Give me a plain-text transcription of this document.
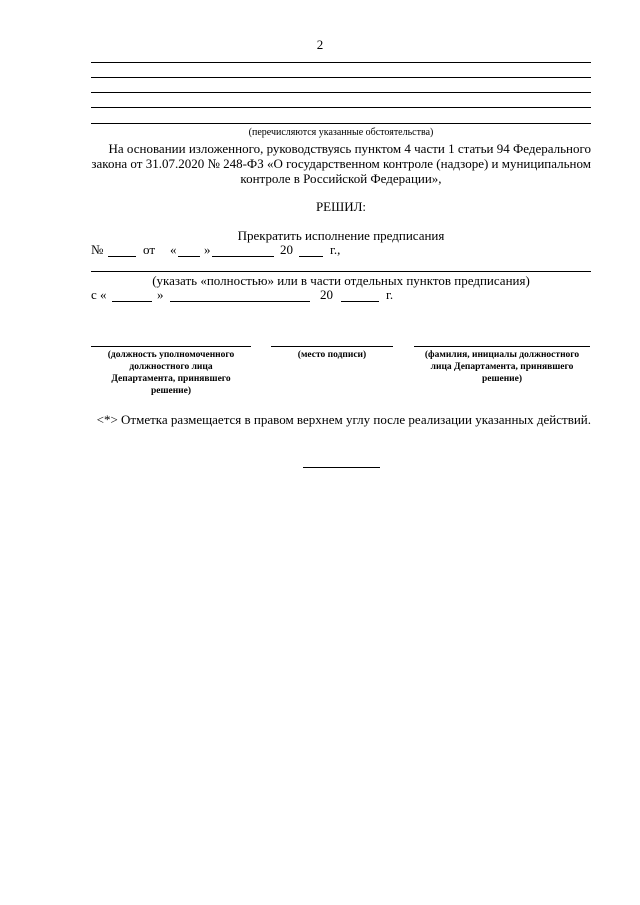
2
(перечисляются указанные обстоятельства)
На основании изложенного, руководствуясь пунктом 4 части 1 статьи 94 Федерального
закона от 31.07.2020 № 248-ФЗ «О государственном контроле (надзоре) и муниципальном
контроле в Российской Федерации»,
РЕШИЛ:
Прекратить исполнение предписания
№	от « »	20	г.,
(указать «полностью» или в части отдельных пунктов предписания)
с «	»	20	г.
(должность уполномоченного
должностного лица
Департамента, принявшего
решение)
(место подписи)	(фамилия, инициалы должностного
лица Департамента, принявшего
решение)
<*> Отметка размещается в правом верхнем углу после реализации указанных действий.
